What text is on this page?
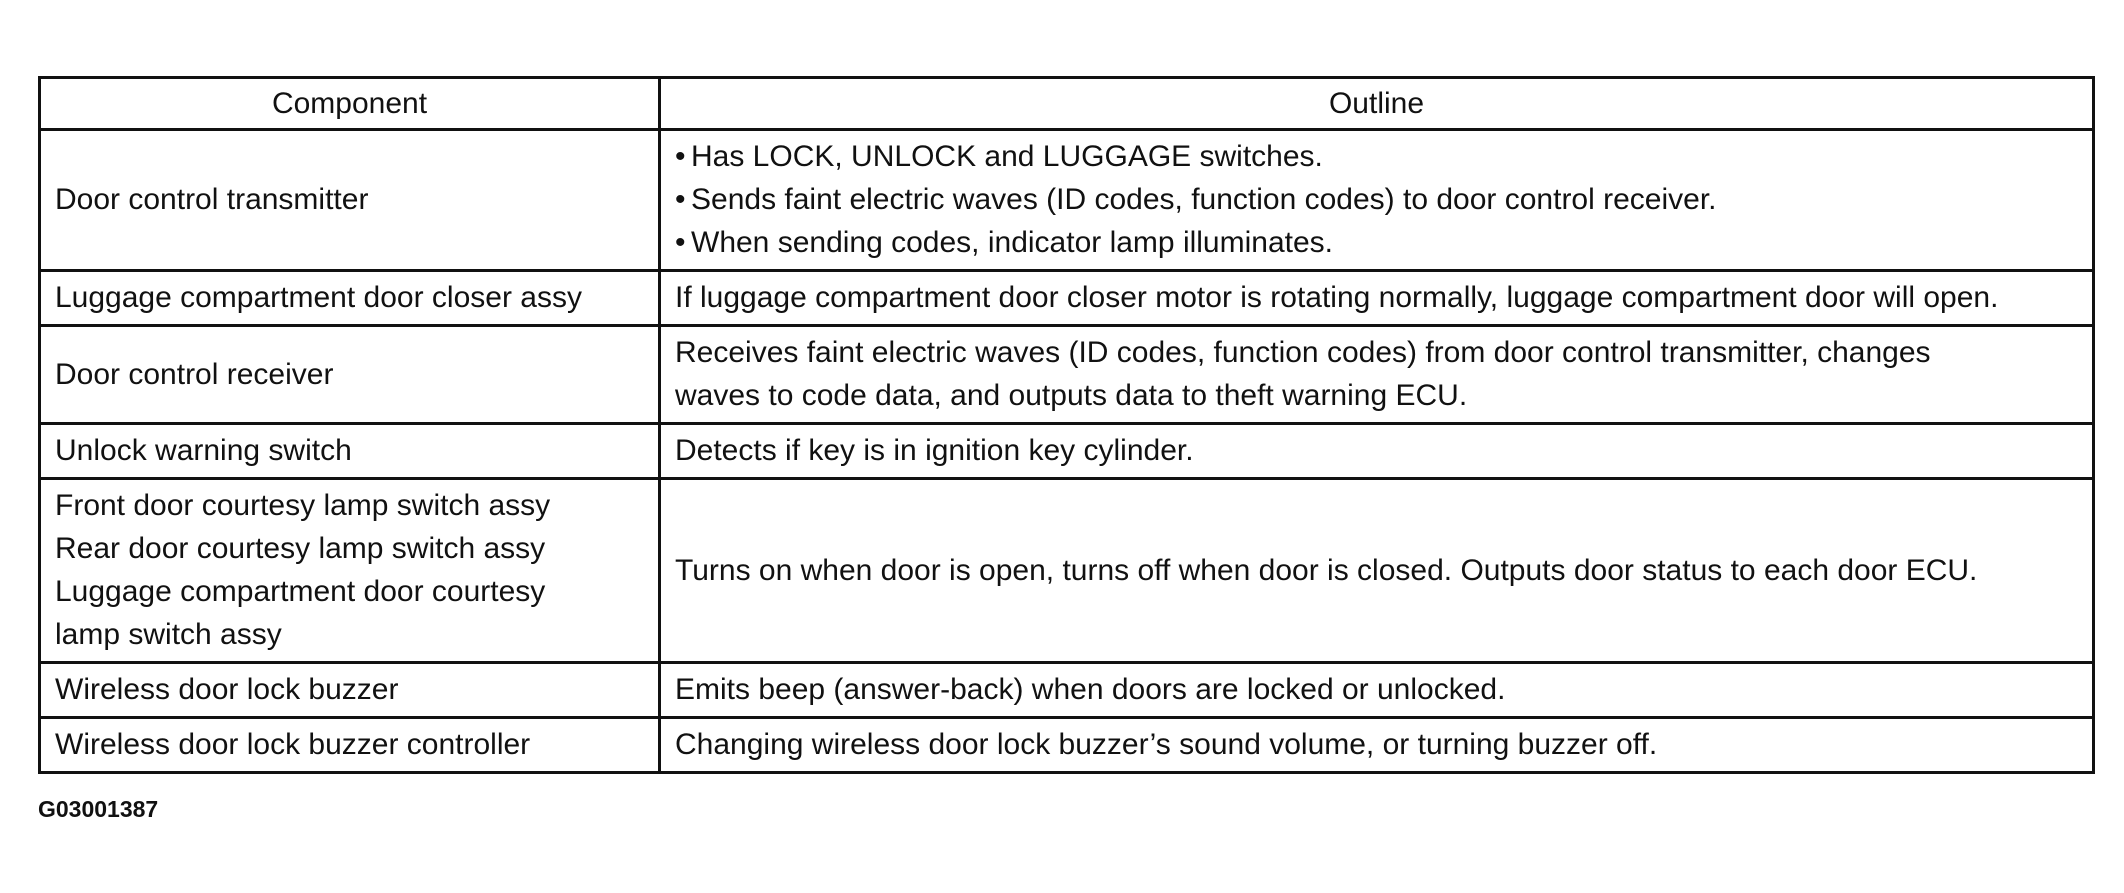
Component	Outline

Door control transmitter	• Has LOCK, UNLOCK and LUGGAGE switches.
• Sends faint electric waves (ID codes, function codes) to door control receiver.
• When sending codes, indicator lamp illuminates.

Luggage compartment door closer assy	If luggage compartment door closer motor is rotating normally, luggage compartment door will open.

Door control receiver	Receives faint electric waves (ID codes, function codes) from door control transmitter, changes
waves to code data, and outputs data to theft warning ECU.

Unlock warning switch	Detects if key is in ignition key cylinder.

Front door courtesy lamp switch assy
Rear door courtesy lamp switch assy
Luggage compartment door courtesy
lamp switch assy	Turns on when door is open, turns off when door is closed. Outputs door status to each door ECU.

Wireless door lock buzzer	Emits beep (answer-back) when doors are locked or unlocked.

Wireless door lock buzzer controller	Changing wireless door lock buzzer’s sound volume, or turning buzzer off.
G03001387
